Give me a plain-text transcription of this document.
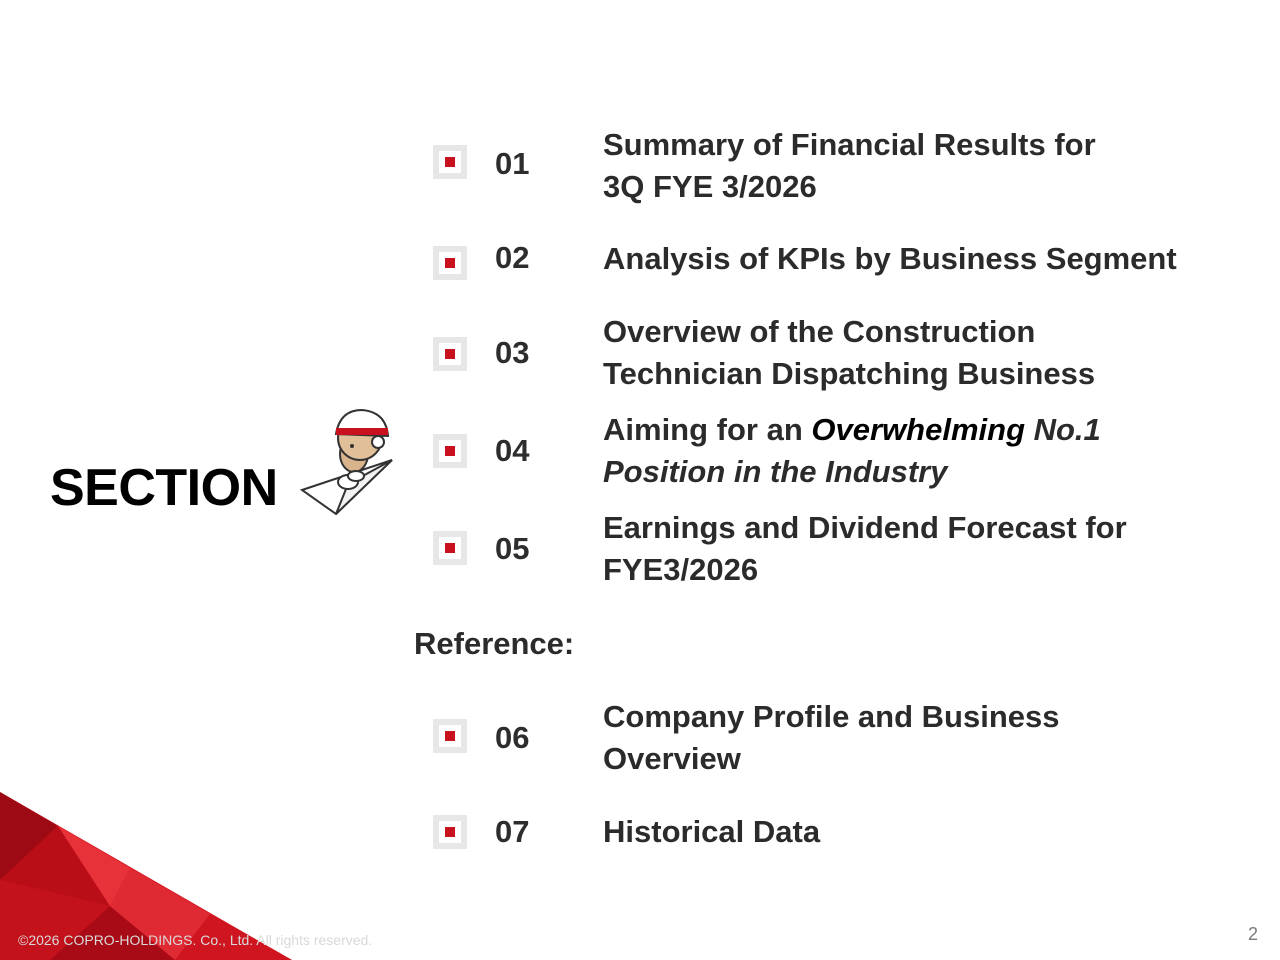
SECTION
01
Summary of Financial Results for
3Q FYE 3/2026
02 Analysis of KPIs by Business Segment
03
Overview of the Construction
Technician Dispatching Business
04
Aiming for an Overwhelming No.1
Position in the Industry
05
Earnings and Dividend Forecast for
FYE3/2026
Reference:
06
Company Profile and Business
Overview
07 Historical Data
©2026 COPRO-HOLDINGS. Co., Ltd. All rights reserved.	2
